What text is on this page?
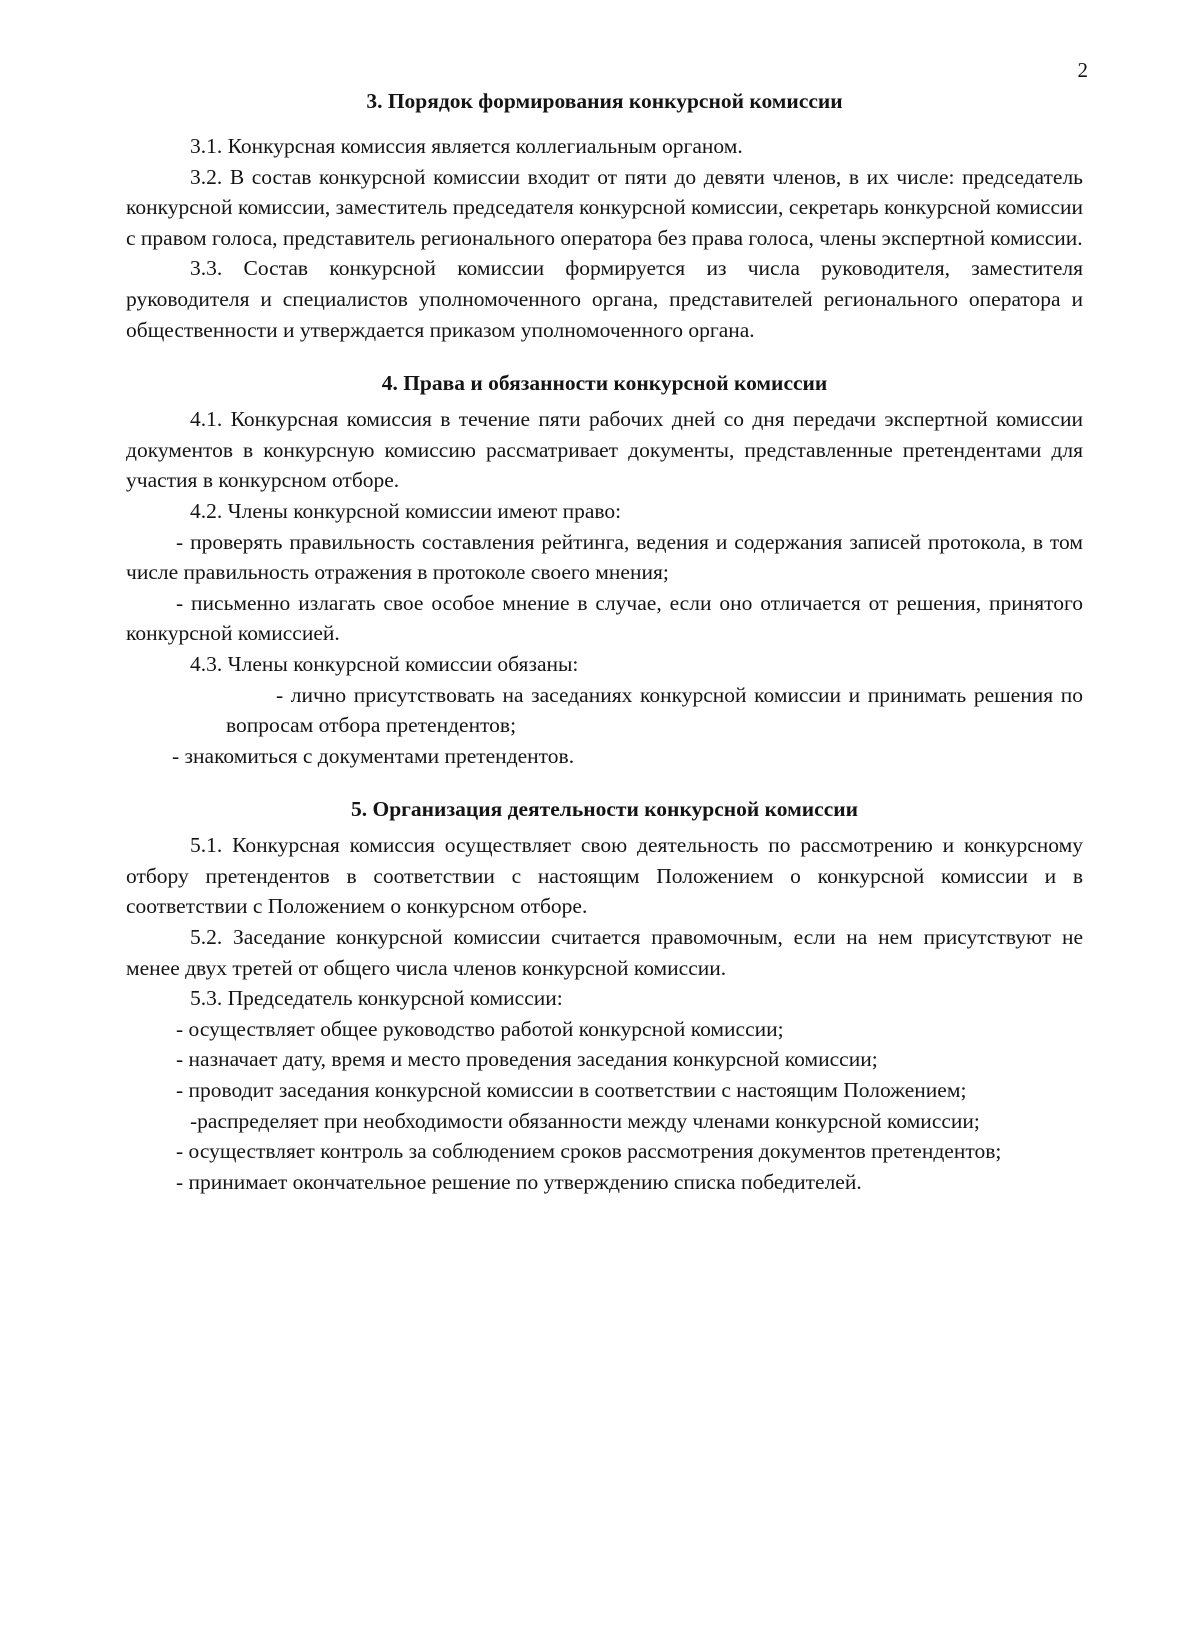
2
3. Порядок формирования конкурсной комиссии

3.1. Конкурсная комиссия является коллегиальным органом.

3.2. В состав конкурсной комиссии входит от пяти до девяти членов, в их числе: председатель конкурсной комиссии, заместитель председателя конкурсной комиссии, секретарь конкурсной комиссии с правом голоса, представитель регионального оператора без права голоса, члены экспертной комиссии.

3.3. Состав конкурсной комиссии формируется из числа руководителя, заместителя руководителя и специалистов уполномоченного органа, представителей регионального оператора и общественности и утверждается приказом уполномоченного органа.

4. Права и обязанности конкурсной комиссии

4.1. Конкурсная комиссия в течение пяти рабочих дней со дня передачи экспертной комиссии документов в конкурсную комиссию рассматривает документы, представленные претендентами для участия в конкурсном отборе.

4.2. Члены конкурсной комиссии имеют право:

- проверять правильность составления рейтинга, ведения и содержания записей протокола, в том числе правильность отражения в протоколе своего мнения;

- письменно излагать свое особое мнение в случае, если оно отличается от решения, принятого конкурсной комиссией.

4.3. Члены конкурсной комиссии обязаны:

- лично присутствовать на заседаниях конкурсной комиссии и принимать решения по вопросам отбора претендентов;

- знакомиться с документами претендентов.

5. Организация деятельности конкурсной комиссии

5.1. Конкурсная комиссия осуществляет свою деятельность по рассмотрению и конкурсному отбору претендентов в соответствии с настоящим Положением о конкурсной комиссии и в соответствии с Положением о конкурсном отборе.

5.2. Заседание конкурсной комиссии считается правомочным, если на нем присутствуют не менее двух третей от общего числа членов конкурсной комиссии.

5.3. Председатель конкурсной комиссии:

- осуществляет общее руководство работой конкурсной комиссии;

- назначает дату, время и место проведения заседания конкурсной комиссии;

- проводит заседания конкурсной комиссии в соответствии с настоящим Положением;

-распределяет при необходимости обязанности между членами конкурсной комиссии;

- осуществляет контроль за соблюдением сроков рассмотрения документов претендентов;

- принимает окончательное решение по утверждению списка победителей.
